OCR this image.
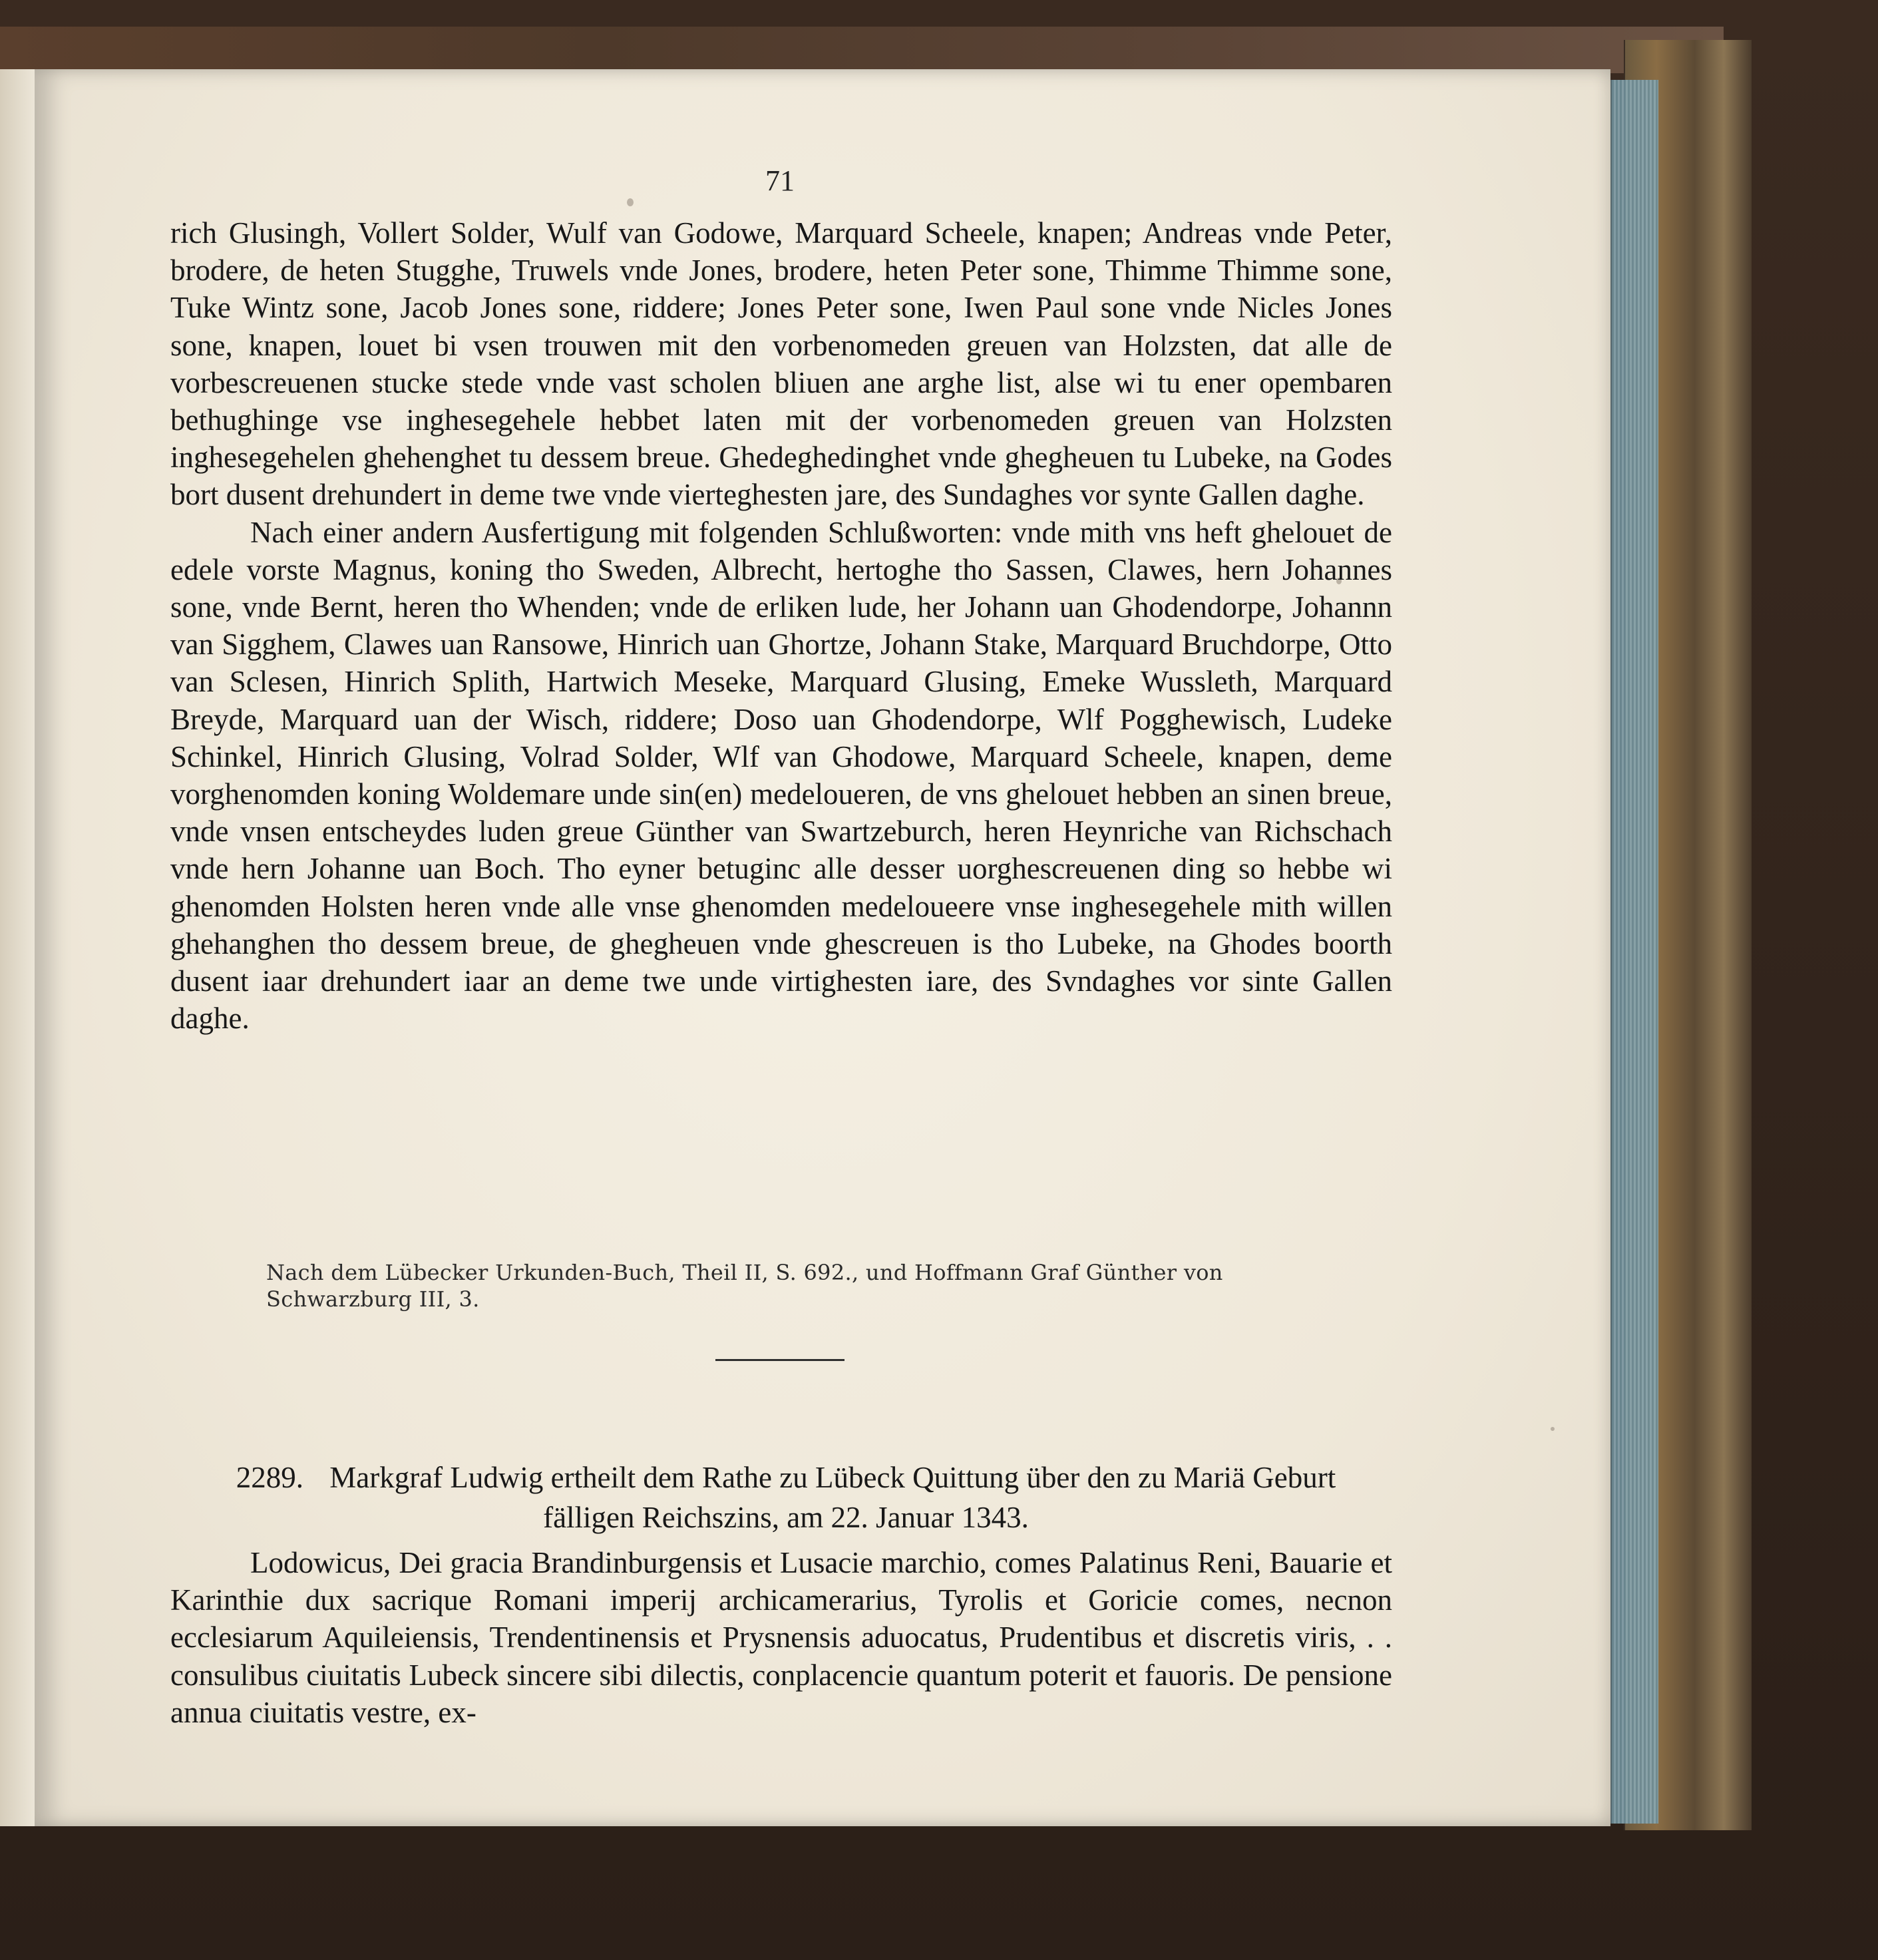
71

rich Glusingh, Vollert Solder, Wulf van Godowe, Marquard Scheele, knapen; Andreas vnde Peter, brodere, de heten Stugghe, Truwels vnde Jones, brodere, heten Peter sone, Thimme Thimme sone, Tuke Wintz sone, Jacob Jones sone, riddere; Jones Peter sone, Iwen Paul sone vnde Nicles Jones sone, knapen, louet bi vsen trouwen mit den vorbenomeden greuen van Holzsten, dat alle de vorbescreuenen stucke stede vnde vast scholen bliuen ane arghe list, alse wi tu ener opembaren bethughinge vse inghesegehele hebbet laten mit der vorbenomeden greuen van Holzsten inghesegehelen ghehenghet tu dessem breue. Ghedeghedinghet vnde ghegheuen tu Lubeke, na Godes bort dusent drehundert in deme twe vnde vierteghesten jare, des Sundaghes vor synte Gallen daghe.

Nach einer andern Ausfertigung mit folgenden Schlußworten: vnde mith vns heft ghelouet de edele vorste Magnus, koning tho Sweden, Albrecht, hertoghe tho Sassen, Clawes, hern Johannes sone, vnde Bernt, heren tho Whenden; vnde de erliken lude, her Johann uan Ghodendorpe, Johannn van Sigghem, Clawes uan Ransowe, Hinrich uan Ghortze, Johann Stake, Marquard Bruchdorpe, Otto van Sclesen, Hinrich Splith, Hartwich Meseke, Marquard Glusing, Emeke Wussleth, Marquard Breyde, Marquard uan der Wisch, riddere; Doso uan Ghodendorpe, Wlf Pogghewisch, Ludeke Schinkel, Hinrich Glusing, Volrad Solder, Wlf van Ghodowe, Marquard Scheele, knapen, deme vorghenomden koning Woldemare unde sin(en) medeloueren, de vns ghelouet hebben an sinen breue, vnde vnsen entscheydes luden greue Günther van Swartzeburch, heren Heynriche van Richschach vnde hern Johanne uan Boch. Tho eyner betuginc alle desser uorghescreuenen ding so hebbe wi ghenomden Holsten heren vnde alle vnse ghenomden medeloueere vnse inghesegehele mith willen ghehanghen tho dessem breue, de ghegheuen vnde ghescreuen is tho Lubeke, na Ghodes boorth dusent iaar drehundert iaar an deme twe unde virtighesten iare, des Svndaghes vor sinte Gallen daghe.

Nach dem Lübecker Urkunden-Buch, Theil II, S. 692., und Hoffmann Graf Günther von Schwarzburg III, 3.

2289. Markgraf Ludwig ertheilt dem Rathe zu Lübeck Quittung über den zu Mariä Geburt

fälligen Reichszins, am 22. Januar 1343.

Lodowicus, Dei gracia Brandinburgensis et Lusacie marchio, comes Palatinus Reni, Bauarie et Karinthie dux sacrique Romani imperij archicamerarius, Tyrolis et Goricie comes, necnon ecclesiarum Aquileiensis, Trendentinensis et Prysnensis aduocatus, Prudentibus et discretis viris, . . consulibus ciuitatis Lubeck sincere sibi dilectis, conplacencie quantum poterit et fauoris. De pensione annua ciuitatis vestre, ex-
